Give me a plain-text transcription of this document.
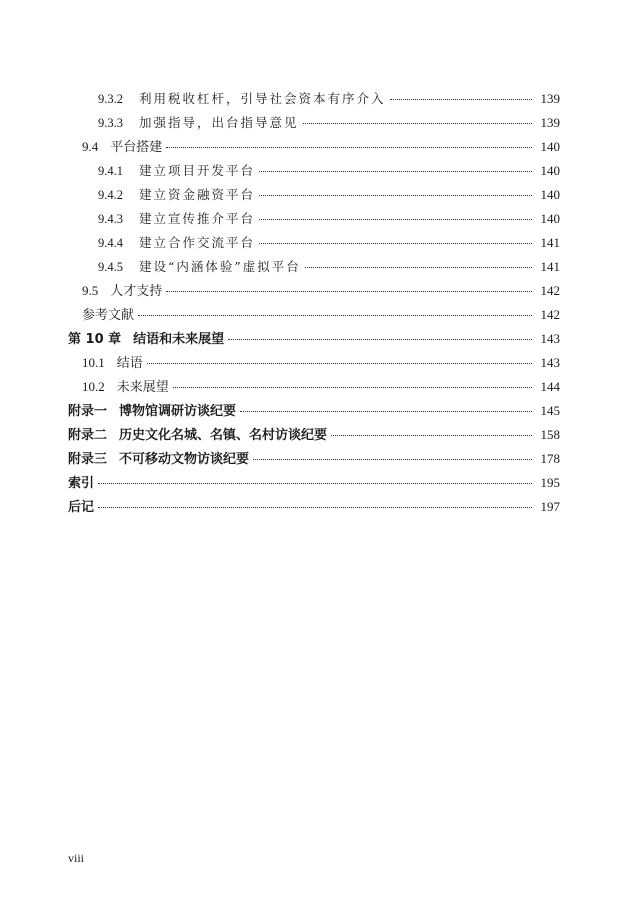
9.3.2 利用税收杠杆，引导社会资本有序介入	139
9.3.3 加强指导，出台指导意见	139
9.4 平台搭建	140
9.4.1 建立项目开发平台	140
9.4.2 建立资金融资平台	140
9.4.3 建立宣传推介平台	140
9.4.4 建立合作交流平台	141
9.4.5 建设“内涵体验”虚拟平台	141
9.5 人才支持	142
参考文献	142
第 10 章 结语和未来展望	143
10.1 结语	143
10.2 未来展望	144
附录一 博物馆调研访谈纪要	145
附录二 历史文化名城、名镇、名村访谈纪要	158
附录三 不可移动文物访谈纪要	178
索引	195
后记	197
viii
